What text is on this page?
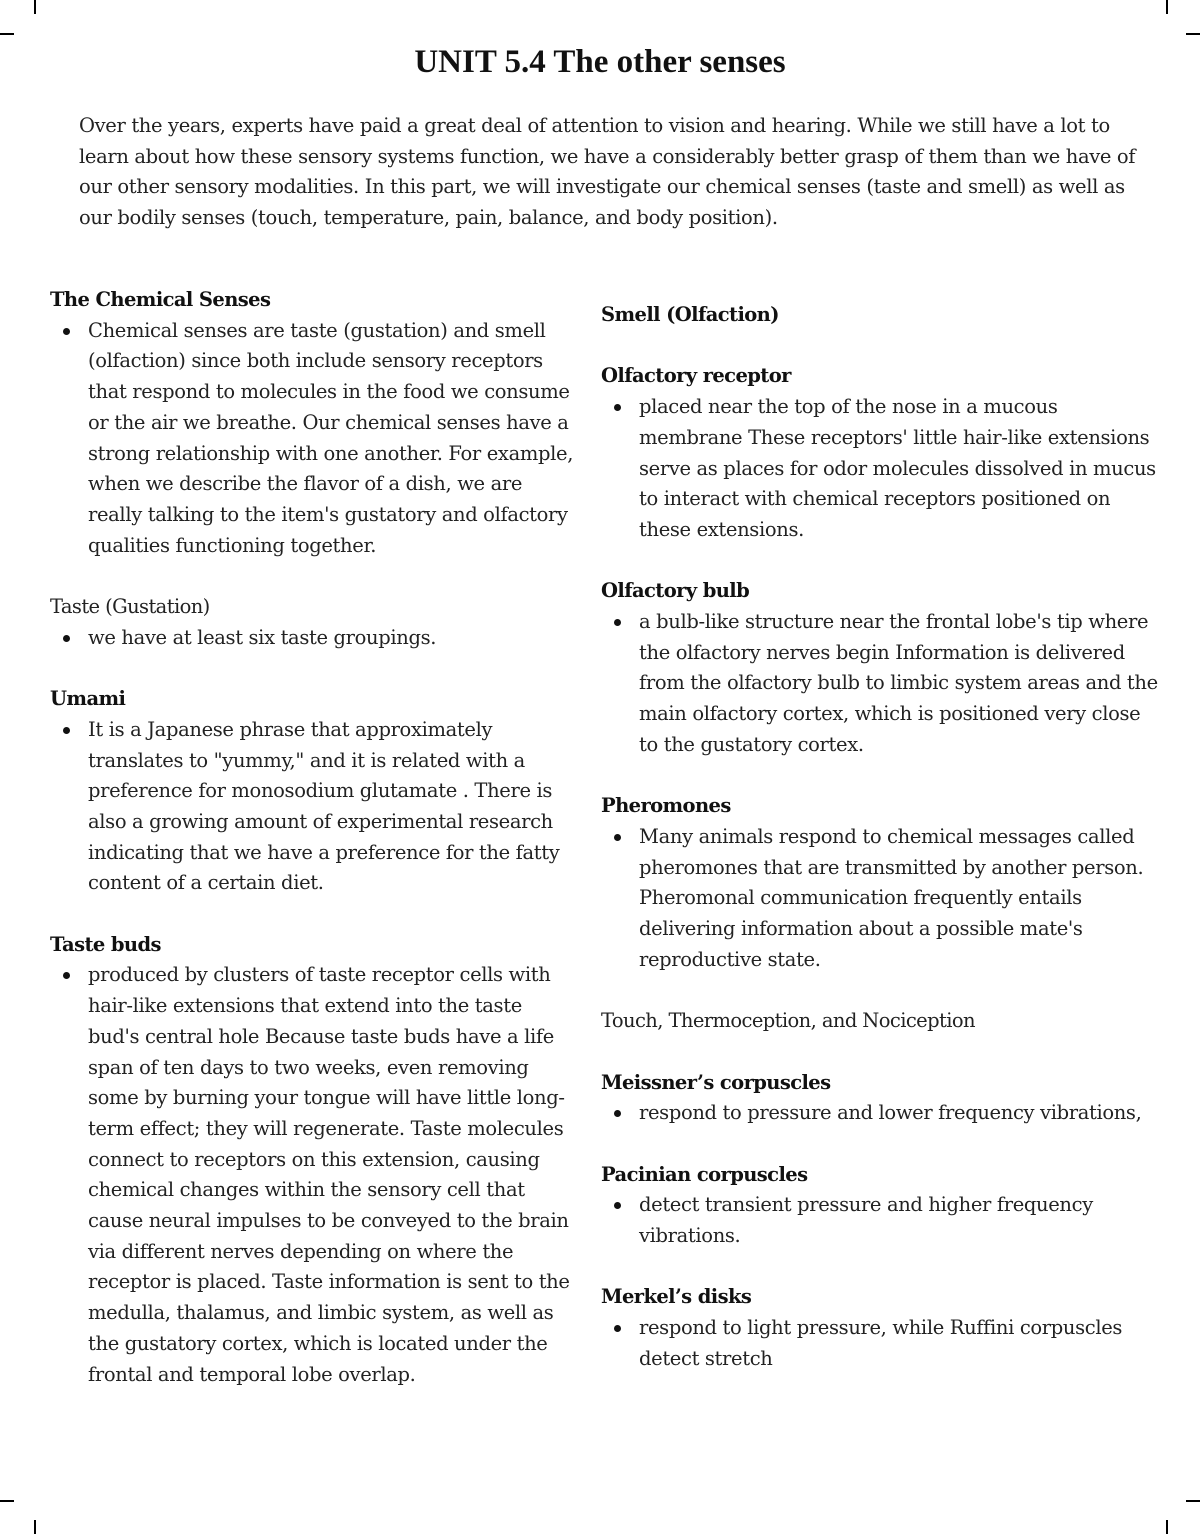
UNIT 5.4 The other senses

Over the years, experts have paid a great deal of attention to vision and hearing. While we still have a lot to learn about how these sensory systems function, we have a considerably better grasp of them than we have of our other sensory modalities. In this part, we will investigate our chemical senses (taste and smell) as well as our bodily senses (touch, temperature, pain, balance, and body position).

The Chemical Senses

Chemical senses are taste (gustation) and smell (olfaction) since both include sensory receptors that respond to molecules in the food we consume or the air we breathe. Our chemical senses have a strong relationship with one another. For example, when we describe the flavor of a dish, we are really talking to the item's gustatory and olfactory qualities functioning together.

Taste (Gustation)

we have at least six taste groupings.

Umami

It is a Japanese phrase that approximately translates to "yummy," and it is related with a preference for monosodium glutamate . There is also a growing amount of experimental research indicating that we have a preference for the fatty content of a certain diet.

Taste buds

produced by clusters of taste receptor cells with hair-like extensions that extend into the taste bud's central hole Because taste buds have a life span of ten days to two weeks, even removing some by burning your tongue will have little long-term effect; they will regenerate. Taste molecules connect to receptors on this extension, causing chemical changes within the sensory cell that cause neural impulses to be conveyed to the brain via different nerves depending on where the receptor is placed. Taste information is sent to the medulla, thalamus, and limbic system, as well as the gustatory cortex, which is located under the frontal and temporal lobe overlap.

Smell (Olfaction)

Olfactory receptor

placed near the top of the nose in a mucous membrane These receptors' little hair-like extensions serve as places for odor molecules dissolved in mucus to interact with chemical receptors positioned on these extensions.

Olfactory bulb

a bulb-like structure near the frontal lobe's tip where the olfactory nerves begin Information is delivered from the olfactory bulb to limbic system areas and the main olfactory cortex, which is positioned very close to the gustatory cortex.

Pheromones

Many animals respond to chemical messages called pheromones that are transmitted by another person. Pheromonal communication frequently entails delivering information about a possible mate's reproductive state.

Touch, Thermoception, and Nociception

Meissner’s corpuscles

respond to pressure and lower frequency vibrations,

Pacinian corpuscles

detect transient pressure and higher frequency vibrations.

Merkel’s disks

respond to light pressure, while Ruffini corpuscles detect stretch
